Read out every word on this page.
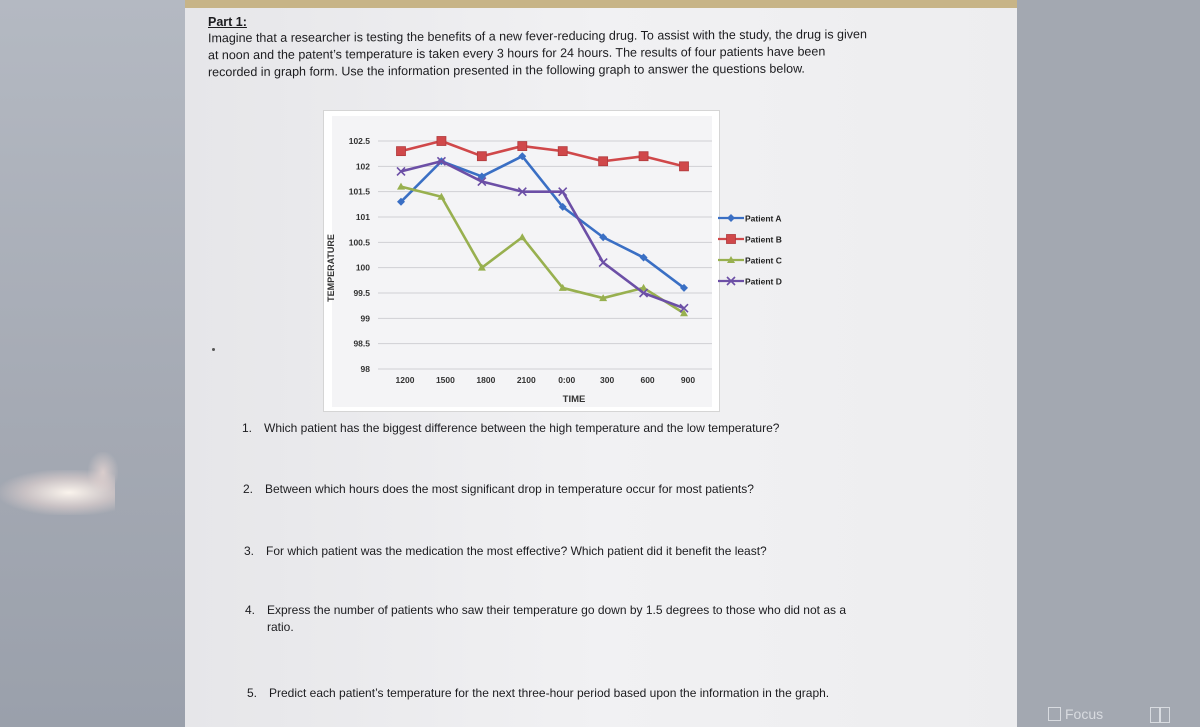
Part 1:
Imagine that a researcher is testing the benefits of a new fever-reducing drug. To assist with the study, the drug is given
at noon and the patent’s temperature is taken every 3 hours for 24 hours. The results of four patients have been
recorded in graph form. Use the information presented in the following graph to answer the questions below.
102.5
102
101.5
101
100.5
100
99.5
99
98.5
98
1200	1500	1800	2100	0:00	300	600	900
Patient A
Patient B
Patient C
Patient D
TIME
TEMPERATURE
1. Which patient has the biggest difference between the high temperature and the low temperature?
2. Between which hours does the most significant drop in temperature occur for most patients?
3. For which patient was the medication the most effective? Which patient did it benefit the least?
4. Express the number of patients who saw their temperature go down by 1.5 degrees to those who did not as a
ratio.
5. Predict each patient’s temperature for the next three-hour period based upon the information in the graph.
Focus
